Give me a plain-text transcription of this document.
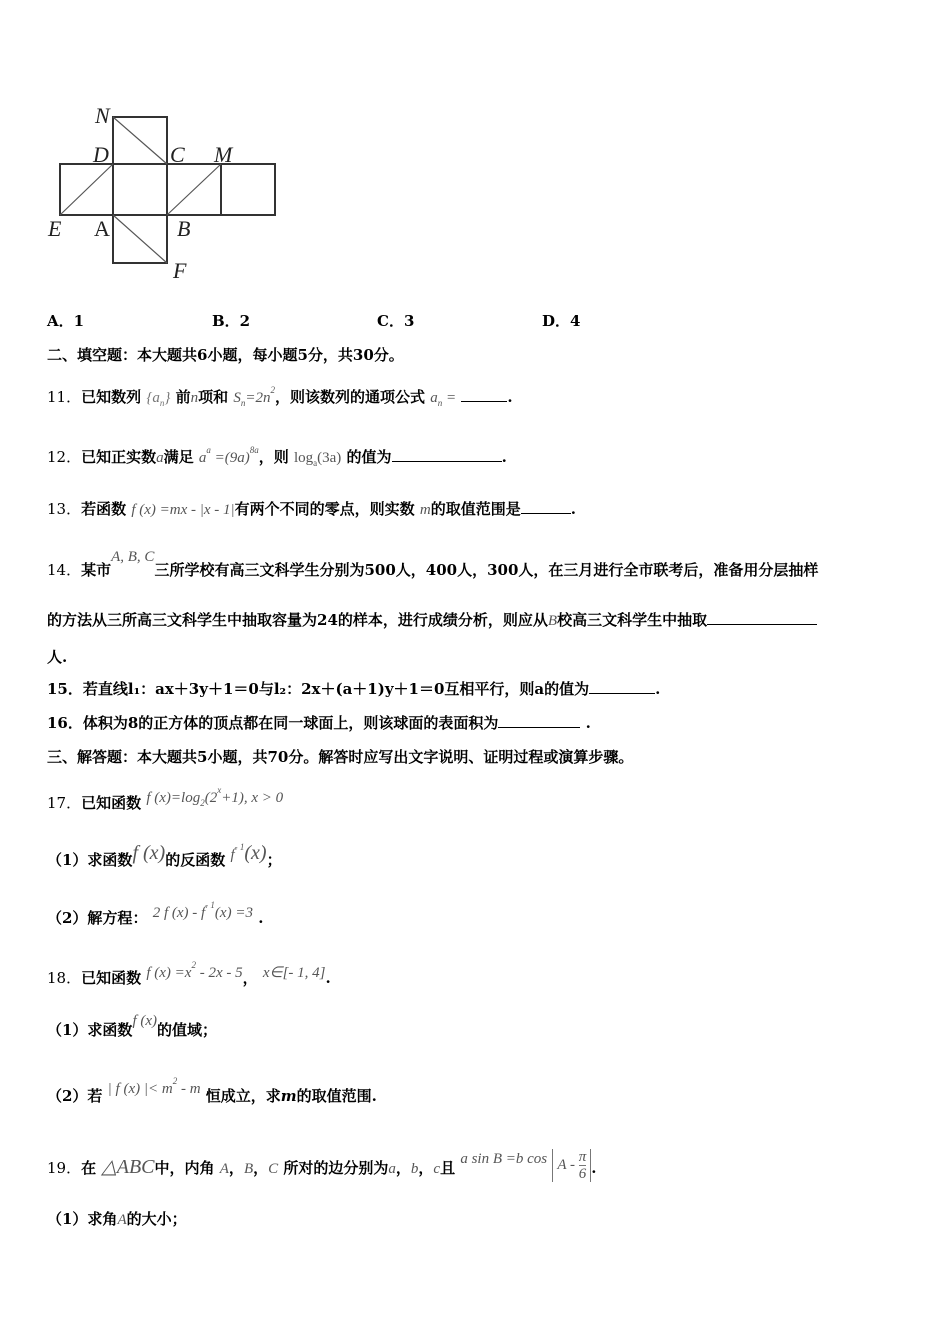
N
D	C M
E A	B
F
A．1	B．2	C．3	D．4
二、填空题：本大题共6小题，每小题5分，共30分。
11．已知数列 $\{a_n\}$ 前n项和 $S_n=2n^2$，则该数列的通项公式 $a_n$ =	.
12．已知正实数a满足 $a^a =(9a)^{8a}$，则 $\log_a(3a)$ 的值为	.
13．若函数 f (x) =mx - |x - 1|有两个不同的零点，则实数 m的取值范围是	.
14．某市A, B, C三所学校有高三文科学生分别为500人，400人，300人，在三月进行全市联考后，准备用分层抽样
的方法从三所高三文科学生中抽取容量为24的样本，进行成绩分析，则应从B校高三文科学生中抽取
人.
15．若直线l₁：ax＋3y＋1＝0与l₂：2x＋(a＋1)y＋1＝0互相平行，则a的值为	.
16．体积为8的正方体的顶点都在同一球面上，则该球面的表面积为	.
三、解答题：本大题共5小题，共70分。解答时应写出文字说明、证明过程或演算步骤。
17．已知函数 f $(x)=\log_2(2^x+1)$, x > 0
（1）求函数f (x)的反函数 $f^{- 1}(x)$；
（2）解方程： 2 f $(x) - f^{- 1}(x) =3$ .
18．已知函数 f $(x) =x^2 - 2x - 5$， x∈[- 1, 4].
（1）求函数f (x)的值域；
（2）若 | f (x) |< $m^2$ - m 恒成立，求m的取值范围.
19．在 △ABC中，内角 A，B，C 所对的边分别为a，b，c且 a sin B =b cos A - $\frac{\pi}{6}$ .
（1）求角A的大小；
